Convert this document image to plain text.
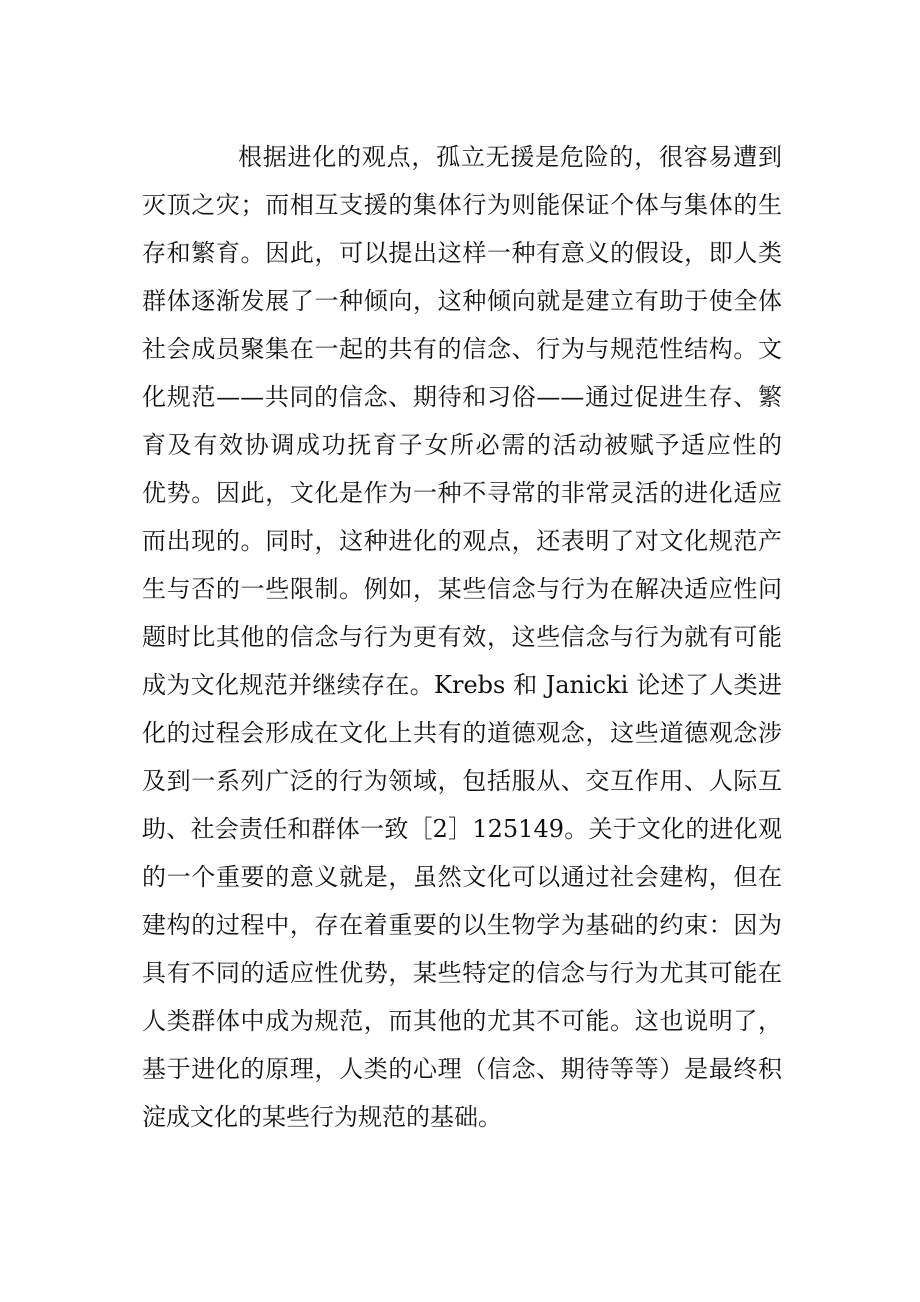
根据进化的观点，孤立无援是危险的，很容易遭到

灭顶之灾；而相互支援的集体行为则能保证个体与集体的生

存和繁育。因此，可以提出这样一种有意义的假设，即人类

群体逐渐发展了一种倾向，这种倾向就是建立有助于使全体

社会成员聚集在一起的共有的信念、行为与规范性结构。文

化规范——共同的信念、期待和习俗——通过促进生存、繁

育及有效协调成功抚育子女所必需的活动被赋予适应性的

优势。因此，文化是作为一种不寻常的非常灵活的进化适应

而出现的。同时，这种进化的观点，还表明了对文化规范产

生与否的一些限制。例如，某些信念与行为在解决适应性问

题时比其他的信念与行为更有效，这些信念与行为就有可能

成为文化规范并继续存在。Krebs 和 Janicki 论述了人类进

化的过程会形成在文化上共有的道德观念，这些道德观念涉

及到一系列广泛的行为领域，包括服从、交互作用、人际互

助、社会责任和群体一致［2］125149。关于文化的进化观

的一个重要的意义就是，虽然文化可以通过社会建构，但在

建构的过程中，存在着重要的以生物学为基础的约束：因为

具有不同的适应性优势，某些特定的信念与行为尤其可能在

人类群体中成为规范，而其他的尤其不可能。这也说明了，

基于进化的原理，人类的心理（信念、期待等等）是最终积

淀成文化的某些行为规范的基础。
